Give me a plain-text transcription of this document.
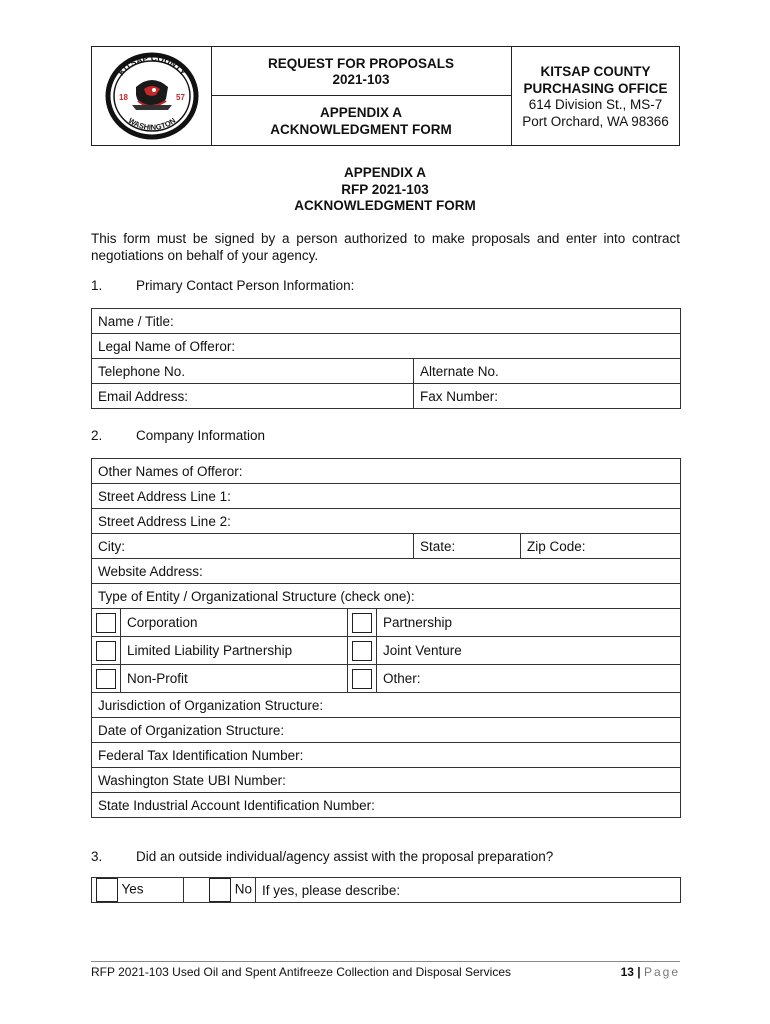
KITSAP COUNTY
WASHINGTON
18	57
REQUEST FOR PROPOSALS
2021-103
APPENDIX A
ACKNOWLEDGMENT FORM
KITSAP COUNTY
PURCHASING OFFICE
614 Division St., MS-7
Port Orchard, WA 98366
APPENDIX A
RFP 2021-103
ACKNOWLEDGMENT FORM
This form must be signed by a person authorized to make proposals and enter into contract negotiations on behalf of your agency.
1. Primary Contact Person Information:
Name / Title:	
Legal Name of Offeror:	
Telephone No.	Alternate No.
Email Address:	Fax Number:
2. Company Information
Other Names of Offeror:					
Street Address Line 1:					
Street Address Line 2:					
City:				State:	Zip Code:
Website Address:					
Type of Entity / Organizational Structure (check one):					
	Corporation		Partnership		
	Limited Liability Partnership		Joint Venture		
	Non-Profit		Other:		
Jurisdiction of Organization Structure:					
Date of Organization Structure:					
Federal Tax Identification Number:					
Washington State UBI Number:					
State Industrial Account Identification Number:					
3. Did an outside individual/agency assist with the proposal preparation?
Yes	No	If yes, please describe:
RFP 2021-103 Used Oil and Spent Antifreeze Collection and Disposal Services	13 | Page
